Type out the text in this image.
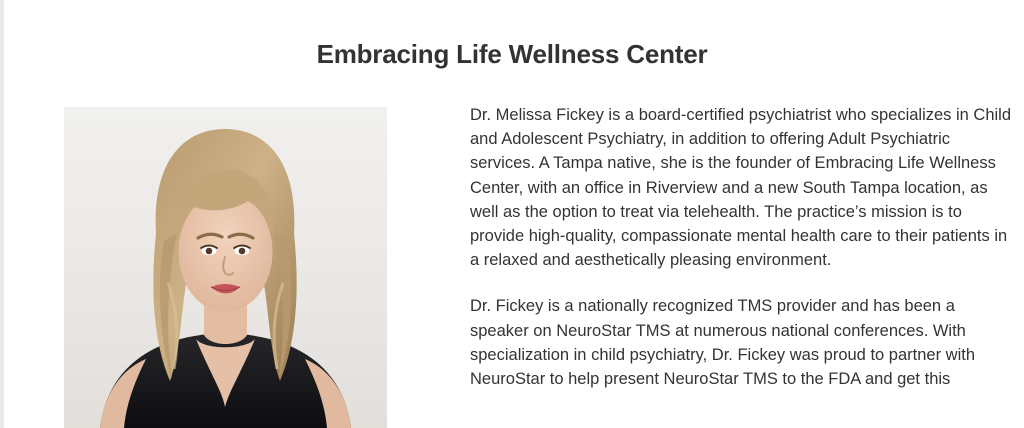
Embracing Life Wellness Center

Dr. Melissa Fickey is a board-certified psychiatrist who specializes in Child and Adolescent Psychiatry, in addition to offering Adult Psychiatric services. A Tampa native, she is the founder of Embracing Life Wellness Center, with an office in Riverview and a new South Tampa location, as well as the option to treat via telehealth. The practice’s mission is to provide high-quality, compassionate mental health care to their patients in a relaxed and aesthetically pleasing environment.

Dr. Fickey is a nationally recognized TMS provider and has been a speaker on NeuroStar TMS at numerous national conferences. With specialization in child psychiatry, Dr. Fickey was proud to partner with NeuroStar to help present NeuroStar TMS to the FDA and get this
